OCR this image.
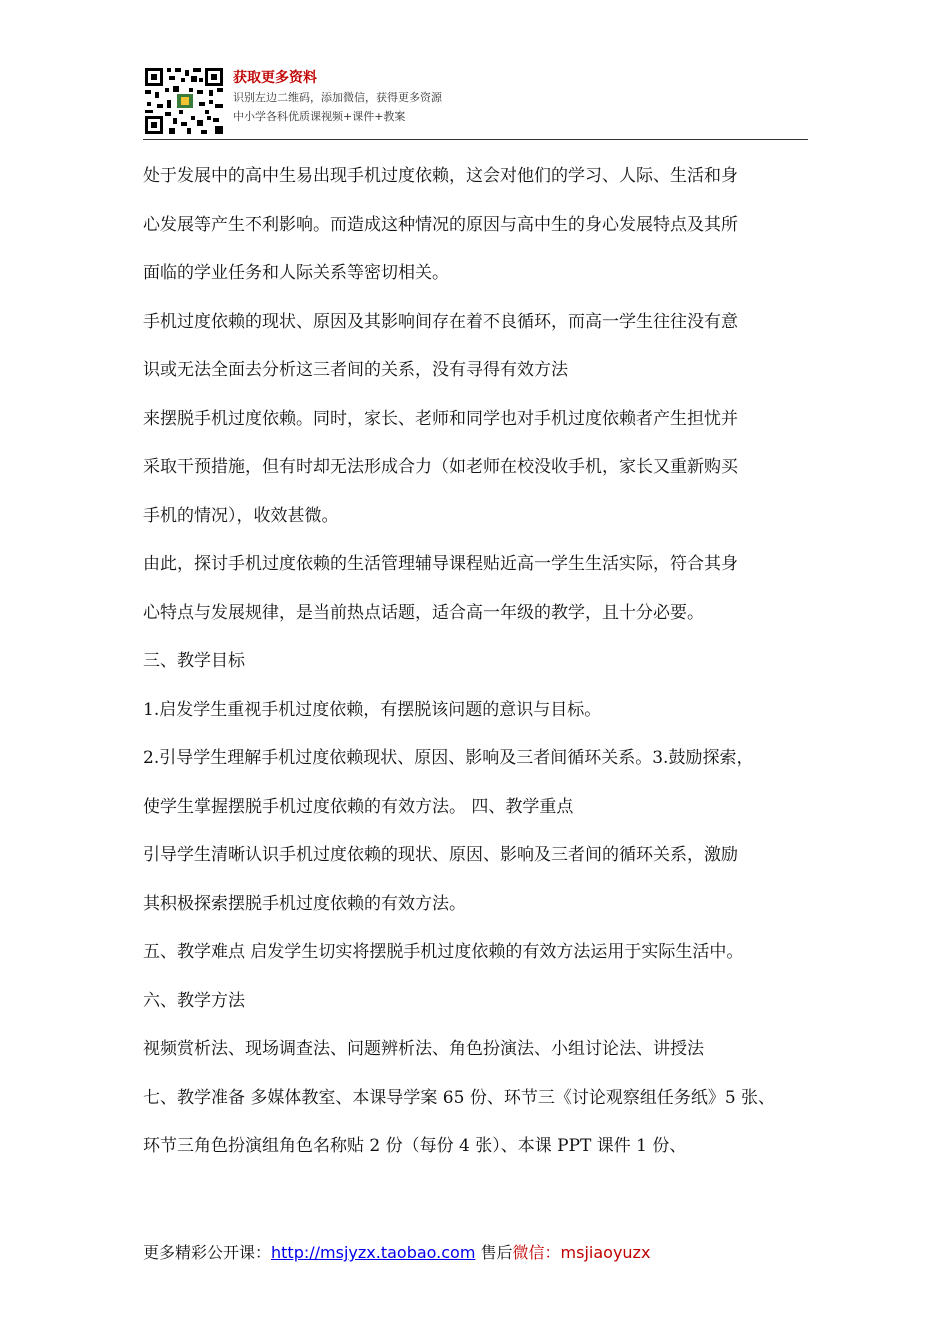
获取更多资料
识别左边二维码，添加微信，获得更多资源
中小学各科优质课视频+课件+教案

处于发展中的高中生易出现手机过度依赖，这会对他们的学习、人际、生活和身

心发展等产生不利影响。而造成这种情况的原因与高中生的身心发展特点及其所

面临的学业任务和人际关系等密切相关。

手机过度依赖的现状、原因及其影响间存在着不良循环，而高一学生往往没有意

识或无法全面去分析这三者间的关系，没有寻得有效方法

来摆脱手机过度依赖。同时，家长、老师和同学也对手机过度依赖者产生担忧并

采取干预措施，但有时却无法形成合力（如老师在校没收手机，家长又重新购买

手机的情况），收效甚微。

由此，探讨手机过度依赖的生活管理辅导课程贴近高一学生生活实际，符合其身

心特点与发展规律，是当前热点话题，适合高一年级的教学，且十分必要。

三、教学目标

1.启发学生重视手机过度依赖，有摆脱该问题的意识与目标。

2.引导学生理解手机过度依赖现状、原因、影响及三者间循环关系。3.鼓励探索，

使学生掌握摆脱手机过度依赖的有效方法。 四、教学重点

引导学生清晰认识手机过度依赖的现状、原因、影响及三者间的循环关系，激励

其积极探索摆脱手机过度依赖的有效方法。

五、教学难点 启发学生切实将摆脱手机过度依赖的有效方法运用于实际生活中。

六、教学方法

视频赏析法、现场调查法、问题辨析法、角色扮演法、小组讨论法、讲授法

七、教学准备 多媒体教室、本课导学案 65 份、环节三《讨论观察组任务纸》5 张、

环节三角色扮演组角色名称贴 2 份（每份 4 张）、本课 PPT 课件 1 份、

更多精彩公开课：http://msjyzx.taobao.com 售后微信：msjiaoyuzx
